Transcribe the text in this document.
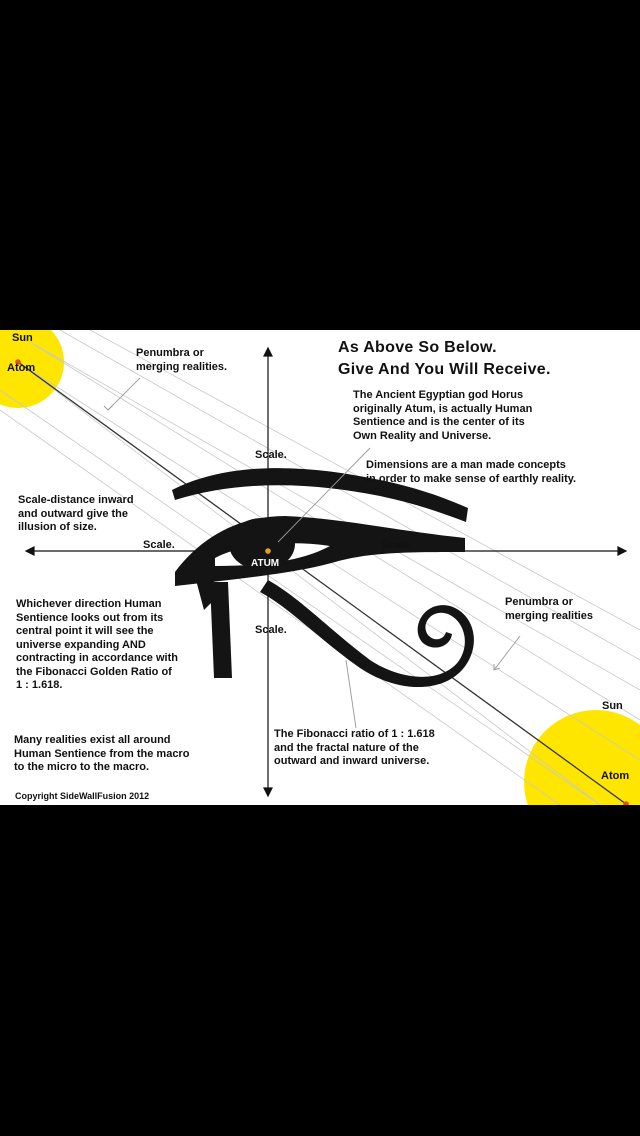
Sun
Atom
Penumbra or
merging realities.
As Above So Below.
Give And You Will Receive.
The Ancient Egyptian god Horus
originally Atum, is actually Human
Sentience and is the center of its
Own Reality and Universe.
Scale.
Dimensions are a man made concepts
in order to make sense of earthly reality.
Scale-distance inward
and outward give the
illusion of size.
Scale.	Scale.
ATUM
Whichever direction Human
Sentience looks out from its
central point it will see the
universe expanding AND
contracting in accordance with
the Fibonacci Golden Ratio of
1 : 1.618.
Penumbra or
merging realities
Scale.
Sun
Many realities exist all around
Human Sentience from the macro
to the micro to the macro.
The Fibonacci ratio of 1 : 1.618
and the fractal nature of the
outward and inward universe.
Atom
Copyright SideWallFusion 2012
